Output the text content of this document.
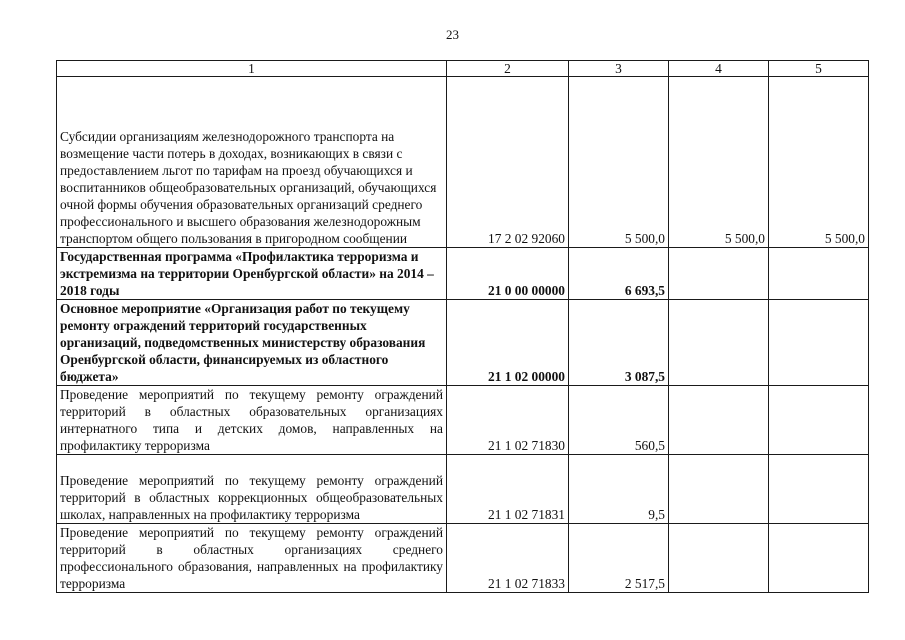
23
1	2	3	4	5
Субсидии организациям железнодорожного транспорта на возмещение части потерь в доходах, возникающих в связи с предоставлением льгот по тарифам на проезд обучающихся и воспитанников общеобразовательных организаций, обучающихся очной формы обучения образовательных организаций среднего профессионального и высшего образования железнодорожным транспортом общего пользования в пригородном сообщении	17 2 02 92060	5 500,0	5 500,0	5 500,0
Государственная программа «Профилактика терроризма и экстремизма на территории Оренбургской области» на 2014 – 2018 годы	21 0 00 00000	6 693,5		
Основное мероприятие «Организация работ по текущему ремонту ограждений территорий государственных организаций, подведомственных министерству образования Оренбургской области, финансируемых из областного бюджета»	21 1 02 00000	3 087,5		
Проведение мероприятий по текущему ремонту ограждений территорий в областных образовательных организациях интернатного типа и детских домов, направленных на профилактику терроризма	21 1 02 71830	560,5		
Проведение мероприятий по текущему ремонту ограждений территорий в областных коррекционных общеобразовательных школах, направленных на профилактику терроризма	21 1 02 71831	9,5		
Проведение мероприятий по текущему ремонту ограждений территорий в областных организациях среднего профессионального образования, направленных на профилактику терроризма	21 1 02 71833	2 517,5		
